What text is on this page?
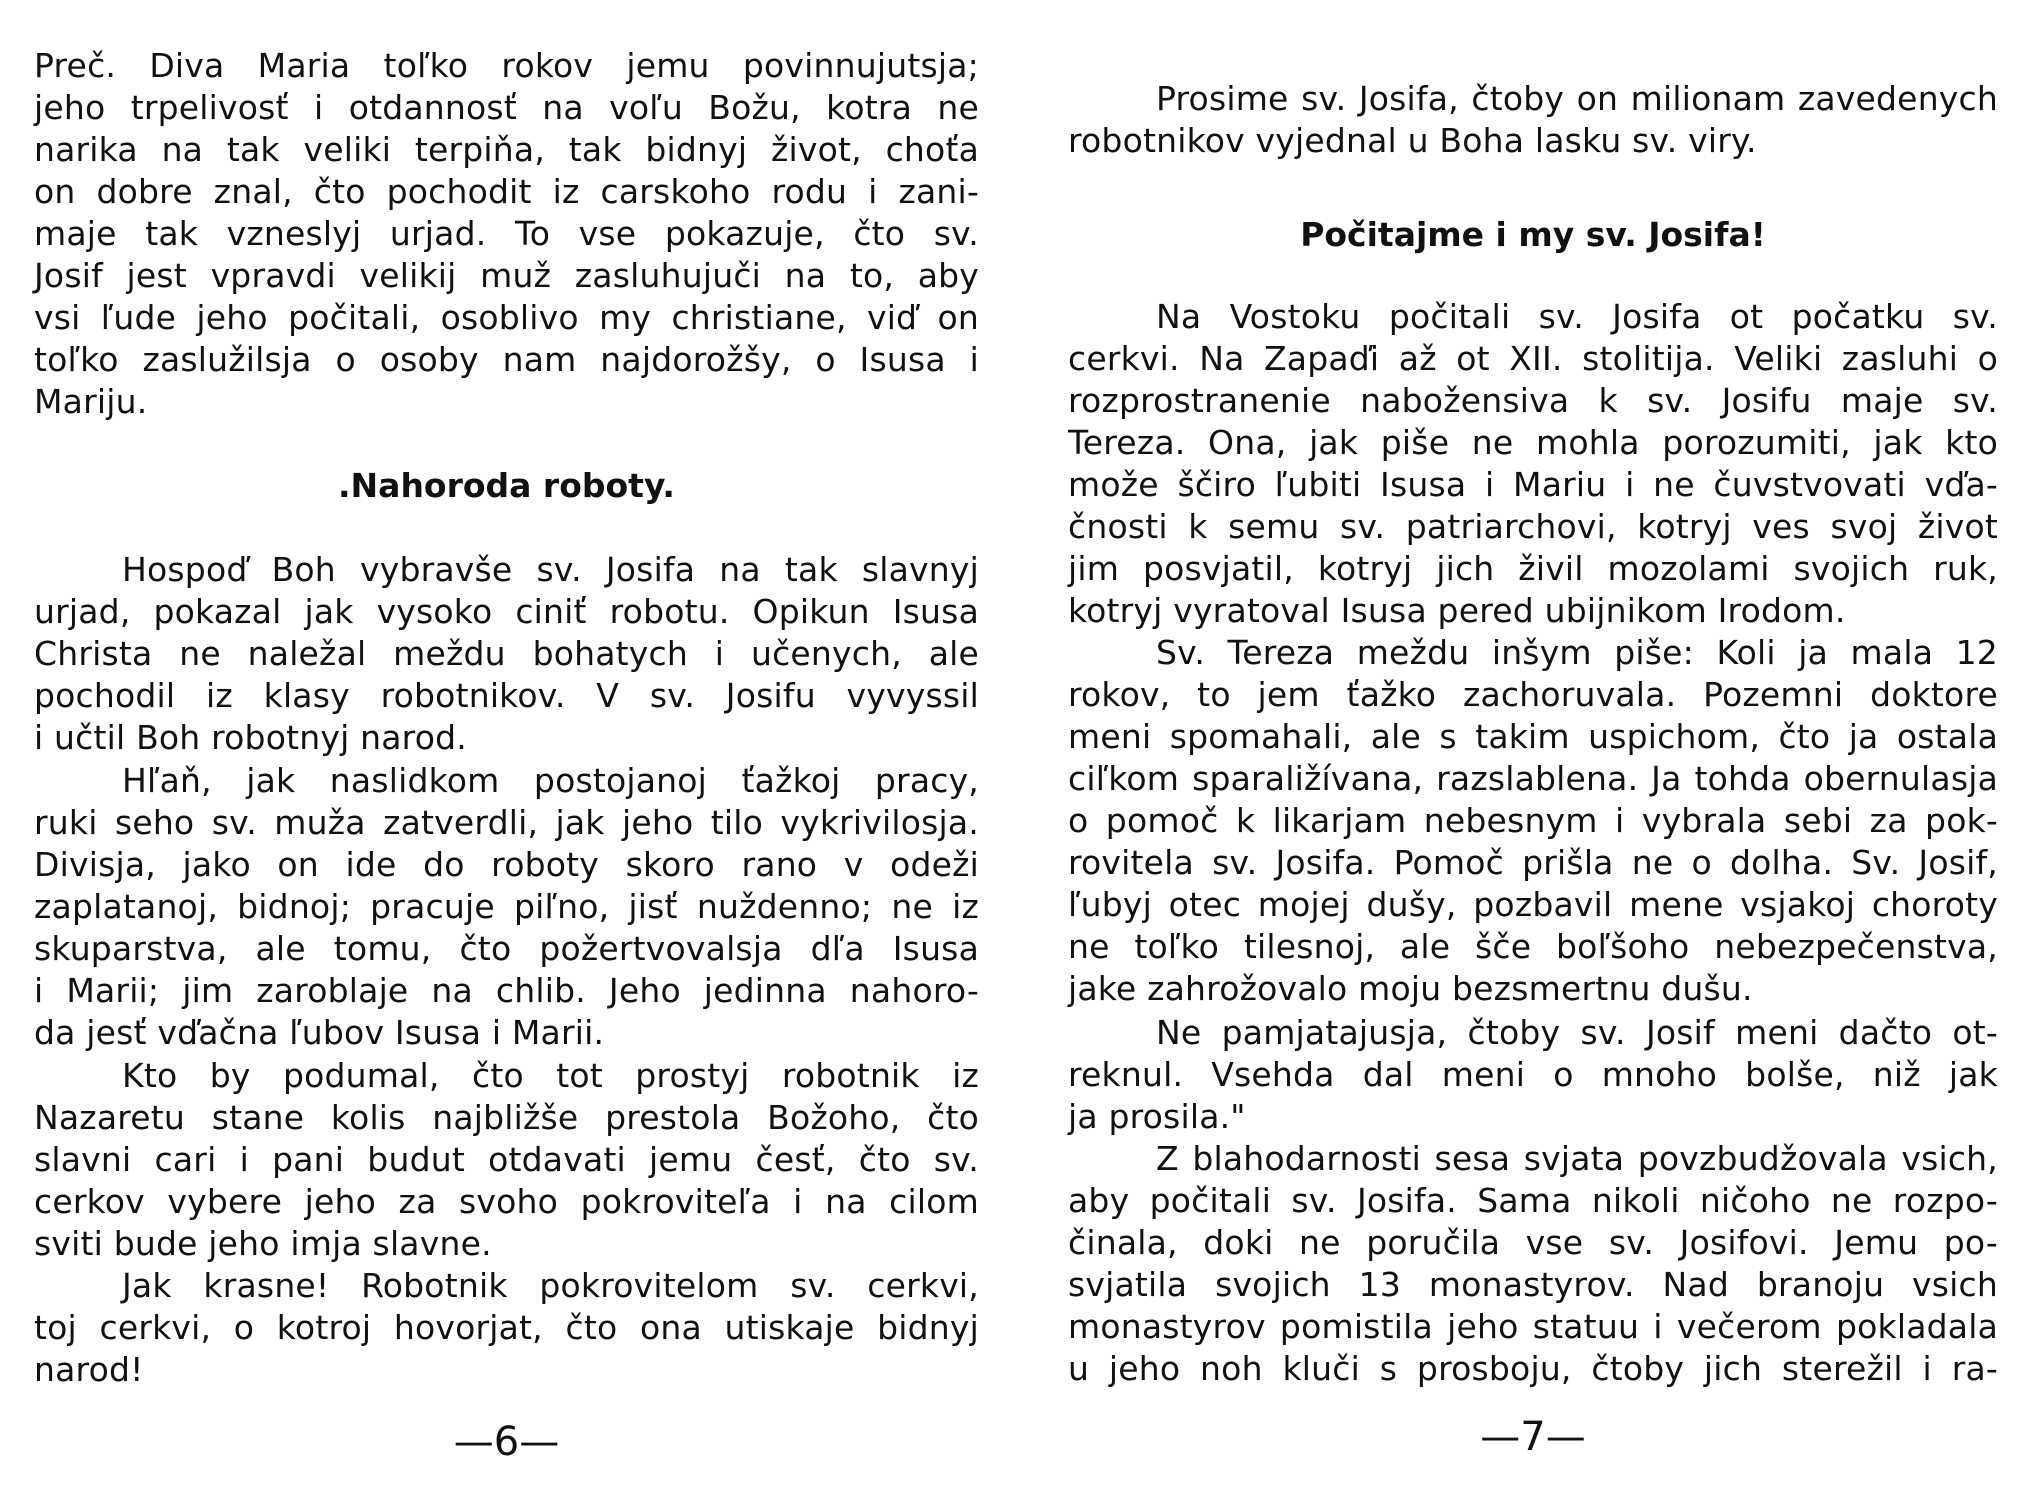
Preč. Diva Maria toľko rokov jemu povinnujutsja;
jeho trpelivosť i otdannosť na voľu Božu, kotra ne
narika na tak veliki terpiňa, tak bidnyj život, choťa
on dobre znal, čto pochodit iz carskoho rodu i zani-
maje tak vzneslyj urjad. To vse pokazuje, čto sv.
Josif jest vpravdi velikij muž zasluhujuči na to, aby
vsi ľude jeho počitali, osoblivo my christiane, viď on
toľko zaslužilsja o osoby nam najdorožšy, o Isusa i
Mariju.
.Nahoroda roboty.
Hospoď Boh vybravše sv. Josifa na tak slavnyj
urjad, pokazal jak vysoko ciniť robotu. Opikun Isusa
Christa ne naležal meždu bohatych i učenych, ale
pochodil iz klasy robotnikov. V sv. Josifu vyvyssil
i učtil Boh robotnyj narod.
Hľaň, jak naslidkom postojanoj ťažkoj pracy,
ruki seho sv. muža zatverdli, jak jeho tilo vykrivilosja.
Divisja, jako on ide do roboty skoro rano v odeži
zaplatanoj, bidnoj; pracuje piľno, jisť nuždenno; ne iz
skuparstva, ale tomu, čto požertvovalsja dľa Isusa
i Marii; jim zaroblaje na chlib. Jeho jedinna nahoro-
da jesť vďačna ľubov Isusa i Marii.
Kto by podumal, čto tot prostyj robotnik iz
Nazaretu stane kolis najbližše prestola Božoho, čto
slavni cari i pani budut otdavati jemu česť, čto sv.
cerkov vybere jeho za svoho pokroviteľa i na cilom
sviti bude jeho imja slavne.
Jak krasne! Robotnik pokrovitelom sv. cerkvi,
toj cerkvi, o kotroj hovorjat, čto ona utiskaje bidnyj
narod!
—6—
Prosime sv. Josifa, čtoby on milionam zavedenych
robotnikov vyjednal u Boha lasku sv. viry.
Počitajme i my sv. Josifa!
Na Vostoku počitali sv. Josifa ot počatku sv.
cerkvi. Na Zapaďi až ot XII. stolitija. Veliki zasluhi o
rozprostranenie nabožensiva k sv. Josifu maje sv.
Tereza. Ona, jak piše ne mohla porozumiti, jak kto
može ščiro ľubiti Isusa i Mariu i ne čuvstvovati vďa-
čnosti k semu sv. patriarchovi, kotryj ves svoj život
jim posvjatil, kotryj jich živil mozolami svojich ruk,
kotryj vyratoval Isusa pered ubijnikom Irodom.
Sv. Tereza meždu inšym piše: Koli ja mala 12
rokov, to jem ťažko zachoruvala. Pozemni doktore
meni spomahali, ale s takim uspichom, čto ja ostala
ciľkom sparaližívana, razslablena. Ja tohda obernulasja
o pomoč k likarjam nebesnym i vybrala sebi za pok-
rovitela sv. Josifa. Pomoč prišla ne o dolha. Sv. Josif,
ľubyj otec mojej dušy, pozbavil mene vsjakoj choroty
ne toľko tilesnoj, ale šče boľšoho nebezpečenstva,
jake zahrožovalo moju bezsmertnu dušu.
Ne pamjatajusja, čtoby sv. Josif meni dačto ot-
reknul. Vsehda dal meni o mnoho bolše, niž jak
ja prosila."
Z blahodarnosti sesa svjata povzbudžovala vsich,
aby počitali sv. Josifa. Sama nikoli ničoho ne rozpo-
činala, doki ne poručila vse sv. Josifovi. Jemu po-
svjatila svojich 13 monastyrov. Nad branoju vsich
monastyrov pomistila jeho statuu i večerom pokladala
u jeho noh kluči s prosboju, čtoby jich sterežil i ra-
—7—
